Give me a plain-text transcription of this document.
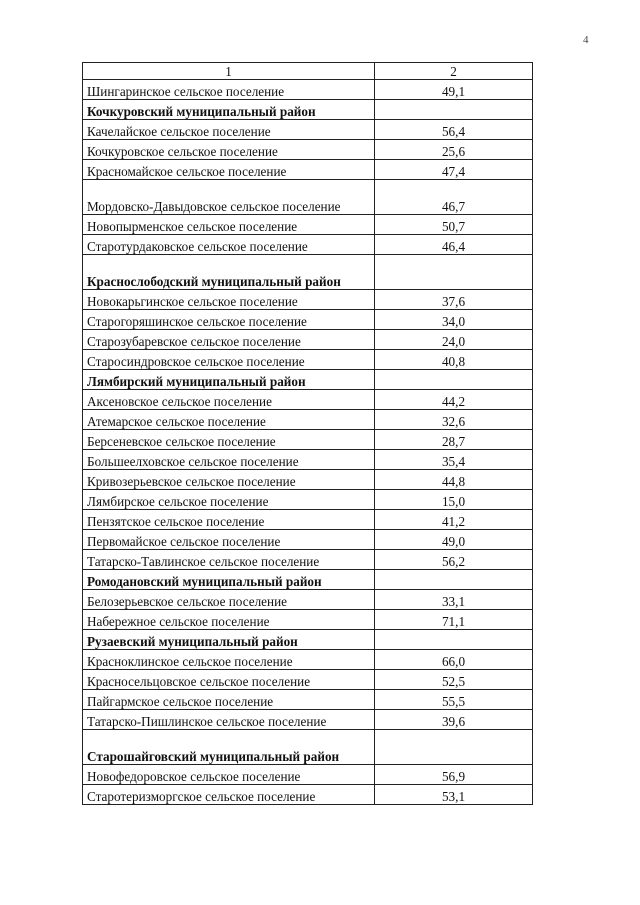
4
1	2
Шингаринское сельское поселение	49,1
Кочкуровский муниципальный район	
Качелайское сельское поселение	56,4
Кочкуровское сельское поселение	25,6
Красномайское сельское поселение	47,4
Мордовско-Давыдовское сельское поселение	46,7
Новопырменское сельское поселение	50,7
Старотурдаковское сельское поселение	46,4
Краснослободский муниципальный район	
Новокарьгинское сельское поселение	37,6
Старогоряшинское сельское поселение	34,0
Старозубаревское сельское поселение	24,0
Старосиндровское сельское поселение	40,8
Лямбирский муниципальный район	
Аксеновское сельское поселение	44,2
Атемарское сельское поселение	32,6
Берсеневское сельское поселение	28,7
Большеелховское сельское поселение	35,4
Кривозерьевское сельское поселение	44,8
Лямбирское сельское поселение	15,0
Пензятское сельское поселение	41,2
Первомайское сельское поселение	49,0
Татарско-Тавлинское сельское поселение	56,2
Ромодановский муниципальный район	
Белозерьевское сельское поселение	33,1
Набережное сельское поселение	71,1
Рузаевский муниципальный район	
Красноклинское сельское поселение	66,0
Красносельцовское сельское поселение	52,5
Пайгармское сельское поселение	55,5
Татарско-Пишлинское сельское поселение	39,6
Старошайговский муниципальный район	
Новофедоровское сельское поселение	56,9
Старотеризморгское сельское поселение	53,1
